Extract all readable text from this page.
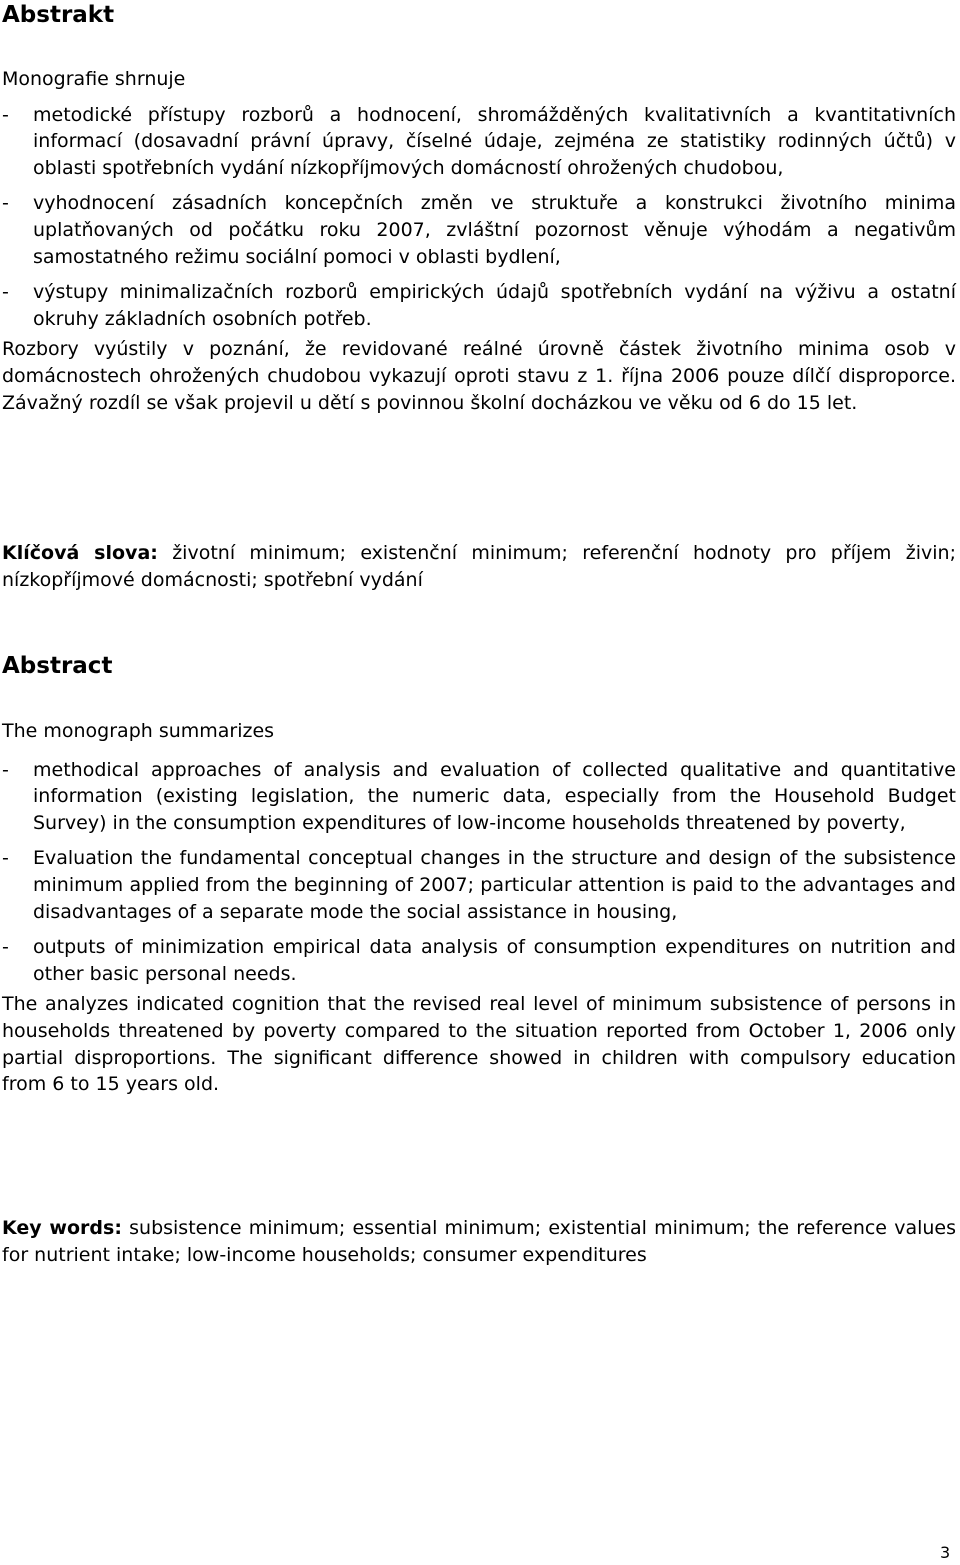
Abstrakt

Monografie shrnuje

-	metodické přístupy rozborů a hodnocení, shromážděných kvalitativních a kvantitativních informací (dosavadní právní úpravy, číselné údaje, zejména ze statistiky rodinných účtů) v oblasti spotřebních vydání nízkopříjmových domácností ohrožených chudobou,
-	vyhodnocení zásadních koncepčních změn ve struktuře a konstrukci životního minima uplatňovaných od počátku roku 2007, zvláštní pozornost věnuje výhodám a negativům samostatného režimu sociální pomoci v oblasti bydlení,
-	výstupy minimalizačních rozborů empirických údajů spotřebních vydání na výživu a ostatní okruhy základních osobních potřeb.

Rozbory vyústily v poznání, že revidované reálné úrovně částek životního minima osob v domácnostech ohrožených chudobou vykazují oproti stavu z 1. října 2006 pouze dílčí disproporce. Závažný rozdíl se však projevil u dětí s povinnou školní docházkou ve věku od 6 do 15 let.

Klíčová slova: životní minimum; existenční minimum; referenční hodnoty pro příjem živin; nízkopříjmové domácnosti; spotřební vydání

Abstract

The monograph summarizes

-	methodical approaches of analysis and evaluation of collected qualitative and quantitative information (existing legislation, the numeric data, especially from the Household Budget Survey) in the consumption expenditures of low-income households threatened by poverty,
-	Evaluation the fundamental conceptual changes in the structure and design of the subsistence minimum applied from the beginning of 2007; particular attention is paid to the advantages and disadvantages of a separate mode the social assistance in housing,
-	outputs of minimization empirical data analysis of consumption expenditures on nutrition and other basic personal needs.

The analyzes indicated cognition that the revised real level of minimum subsistence of persons in households threatened by poverty compared to the situation reported from October 1, 2006 only partial disproportions. The significant difference showed in children with compulsory education from 6 to 15 years old.

Key words: subsistence minimum; essential minimum; existential minimum; the reference values for nutrient intake; low-income households; consumer expenditures

3
